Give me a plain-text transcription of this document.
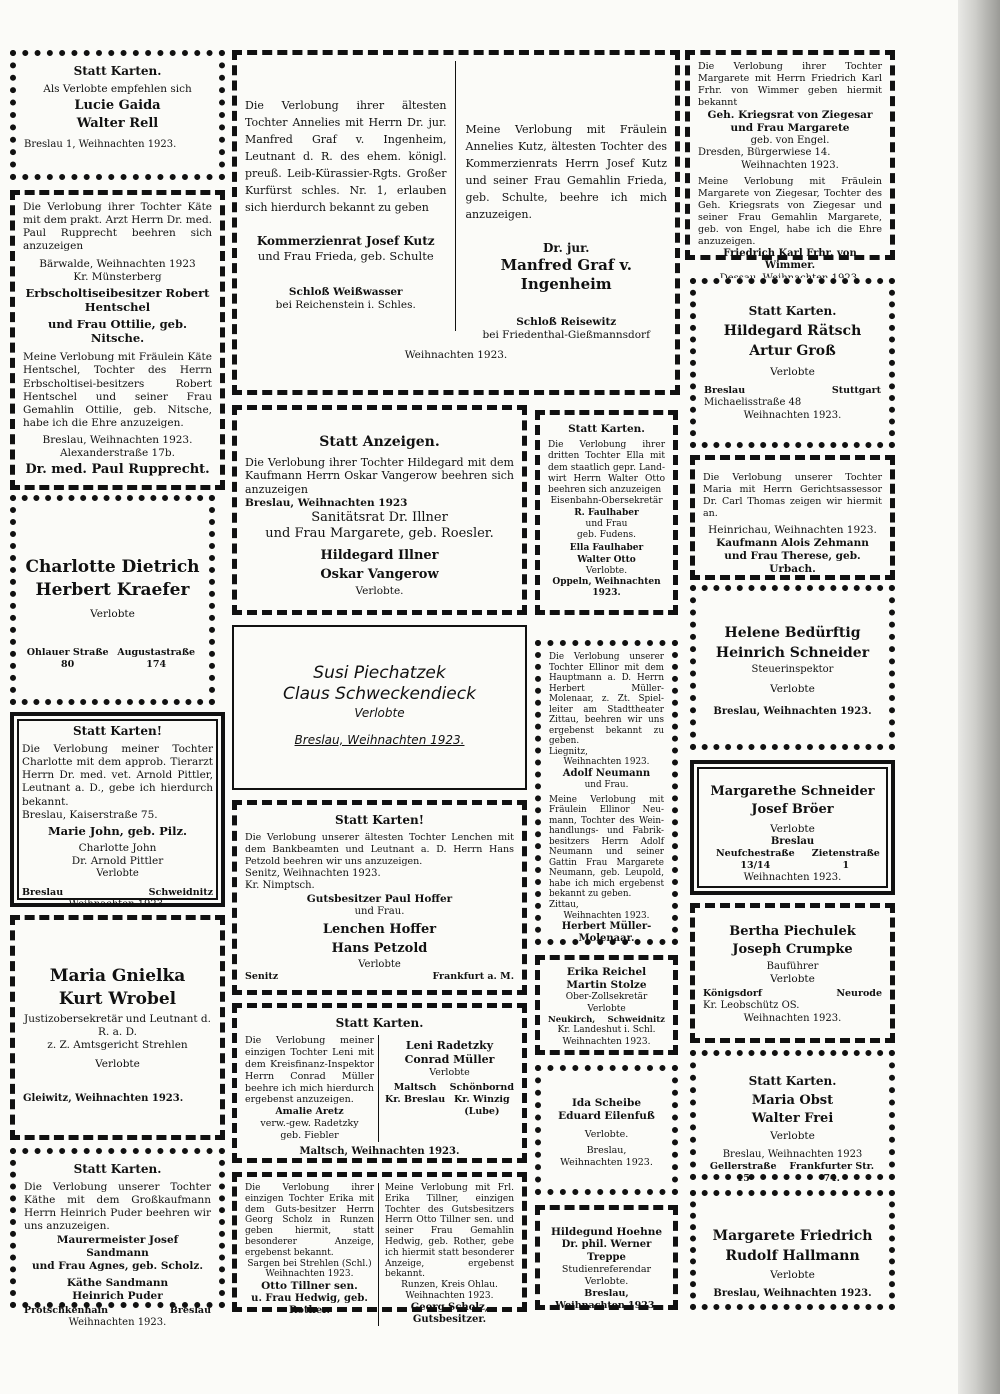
Statt Karten.
Als Verlobte empfehlen sich
Lucie Gaida
Walter Rell
Breslau 1, Weihnachten 1923.
Die Verlobung ihrer Tochter Käte mit dem prakt. Arzt Herrn Dr. med. Paul Rupprecht beehren sich anzuzeigen
Bärwalde, Weihnachten 1923
Kr. Münsterberg
Erbscholtiseibesitzer Robert Hentschel
und Frau Ottilie, geb. Nitsche.
Meine Verlobung mit Fräulein Käte Hentschel, Tochter des Herrn Erbscholtisei-besitzers Robert Hentschel und seiner Frau Gemahlin Ottilie, geb. Nitsche, habe ich die Ehre anzuzeigen.
Breslau, Weihnachten 1923.
Alexanderstraße 17b.
Dr. med. Paul Rupprecht.
Charlotte Dietrich
Herbert Kraefer
Verlobte
Ohlauer Straße 80
Augustastraße 174
Statt Karten!
Die Verlobung meiner Tochter Charlotte mit dem approb. Tierarzt Herrn Dr. med. vet. Arnold Pittler, Leutnant a. D., gebe ich hierdurch bekannt.
Breslau, Kaiserstraße 75.
Marie John, geb. Pilz.
Charlotte John
Dr. Arnold Pittler
Verlobte
Breslau	Schweidnitz
Weihnachten 1923.
Maria Gnielka
Kurt Wrobel
Justizobersekretär und Leutnant d. R. a. D.
z. Z. Amtsgericht Strehlen
Verlobte
Gleiwitz, Weihnachten 1923.
Statt Karten.
Die Verlobung unserer Tochter Käthe mit dem Großkaufmann Herrn Heinrich Puder beehren wir uns anzuzeigen.
Maurermeister Josef Sandmann
und Frau Agnes, geb. Scholz.
Käthe Sandmann
Heinrich Puder
Protschkenhain	Breslau
Weihnachten 1923.
Die Verlobung ihrer ältesten Tochter Annelies mit Herrn Dr. jur. Manfred Graf v. Ingenheim, Leutnant d. R. des ehem. königl. preuß. Leib-Kürassier-Rgts. Großer Kurfürst schles. Nr. 1, erlauben sich hierdurch bekannt zu geben
Kommerzienrat Josef Kutz
und Frau Frieda, geb. Schulte
Schloß Weißwasser
bei Reichenstein i. Schles.
Meine Verlobung mit Fräulein Annelies Kutz, ältesten Tochter des Kommerzienrats Herrn Josef Kutz und seiner Frau Gemahlin Frieda, geb. Schulte, beehre ich mich anzuzeigen.
Dr. jur.
Manfred Graf v. Ingenheim
Schloß Reisewitz
bei Friedenthal-Gießmannsdorf
Weihnachten 1923.
Die Verlobung ihrer Tochter Margarete mit Herrn Friedrich Karl Frhr. von Wimmer geben hiermit bekannt
Geh. Kriegsrat von Ziegesar
und Frau Margarete
geb. von Engel.
Dresden, Bürgerwiese 14.
Weihnachten 1923.
Meine Verlobung mit Fräulein Margarete von Ziegesar, Tochter des Geh. Kriegsrats von Ziegesar und seiner Frau Gemahlin Margarete, geb. von Engel, habe ich die Ehre anzuzeigen.
Friedrich Karl Frhr. von Wimmer.
Statt Karten.
Hildegard Rätsch
Artur Groß
Verlobte
Breslau	Stuttgart
Michaelisstraße 48
Weihnachten 1923.
Die Verlobung unserer Tochter Maria mit Herrn Gerichtsassessor Dr. Carl Thomas zeigen wir hiermit an.
Heinrichau, Weihnachten 1923.
Kaufmann Alois Zehmann
und Frau Therese, geb. Urbach.
Helene Bedürftig
Heinrich Schneider
Steuerinspektor
Verlobte
Breslau, Weihnachten 1923.
Margarethe Schneider
Josef Bröer
Verlobte
Breslau
Neufchestraße 13/14
Zietenstraße 1
Weihnachten 1923.
Bertha Piechulek
Joseph Crumpke
Bauführer
Verlobte
Königsdorf	Neurode
Kr. Leobschütz OS.
Weihnachten 1923.
Statt Karten.
Maria Obst
Walter Frei
Verlobte
Breslau, Weihnachten 1923
Gellerstraße 15
Frankfurter Str. 74.
Margarete Friedrich
Rudolf Hallmann
Verlobte
Breslau, Weihnachten 1923.
Statt Anzeigen.
Die Verlobung ihrer Tochter Hildegard mit dem Kaufmann Herrn Oskar Vangerow beehren sich anzuzeigen
Breslau, Weihnachten 1923
Sanitätsrat Dr. Illner
und Frau Margarete, geb. Roesler.
Hildegard Illner
Oskar Vangerow
Verlobte.
Susi Piechatzek
Claus Schweckendieck
Verlobte
Breslau, Weihnachten 1923.
Statt Karten!
Die Verlobung unserer ältesten Tochter Lenchen mit dem Bankbeamten und Leutnant a. D. Herrn Hans Petzold beehren wir uns anzuzeigen.
Senitz, Weihnachten 1923.
Kr. Nimptsch.
Gutsbesitzer Paul Hoffer
und Frau.
Lenchen Hoffer
Hans Petzold
Verlobte
Senitz	Frankfurt a. M.
Statt Karten.
Die Verlobung meiner einzigen Tochter Leni mit dem Kreisfinanz-Inspektor Herrn Conrad Müller beehre ich mich hierdurch ergebenst anzuzeigen.
Amalie Aretz
verw.-gew. Radetzky
geb. Fiebler
Leni Radetzky
Conrad Müller
Verlobte
Maltsch
Kr. Breslau
Schönbornd
Kr. Winzig
(Lube)
Maltsch, Weihnachten 1923.
Die Verlobung ihrer einzigen Tochter Erika mit dem Guts-besitzer Herrn Georg Scholz in Runzen geben hiermit, statt besonderer Anzeige, ergebenst bekannt.
Sargen bei Strehlen (Schl.)
Weihnachten 1923.
Otto Tillner sen.
u. Frau Hedwig, geb. Rother.
Meine Verlobung mit Frl. Erika Tillner, einzigen Tochter des Gutsbesitzers Herrn Otto Tillner sen. und seiner Frau Gemahlin Hedwig, geb. Rother, gebe ich hiermit statt besonderer Anzeige, ergebenst bekannt.
Runzen, Kreis Ohlau.
Weihnachten 1923.
Georg Scholz, Gutsbesitzer.
Statt Karten.
Die Verlobung ihrer dritten Tochter Ella mit dem staatlich gepr. Land-wirt Herrn Walter Otto beehren sich anzuzeigen
Eisenbahn-Obersekretär
R. Faulhaber
und Frau
geb. Fudens.
Ella Faulhaber
Walter Otto
Verlobte.
Oppeln, Weihnachten 1923.
Die Verlobung unserer Tochter Ellinor mit dem Hauptmann a. D. Herrn Herbert Müller-Molenaar, z. Zt. Spiel-leiter am Stadttheater Zittau, beehren wir uns ergebenst bekannt zu geben.
Liegnitz,
Weihnachten 1923.
Adolf Neumann
und Frau.
Meine Verlobung mit Fräulein Ellinor Neu-mann, Tochter des Wein-handlungs- und Fabrik-besitzers Herrn Adolf Neumann und seiner Gattin Frau Margarete Neumann, geb. Leupold, habe ich mich ergebenst bekannt zu geben.
Zittau,
Weihnachten 1923.
Herbert Müller-Molenaar.
Erika Reichel
Martin Stolze
Ober-Zollsekretär
Verlobte
Neukirch, Schweidnitz
Kr. Landeshut i. Schl.
Weihnachten 1923.
Ida Scheibe
Eduard Eilenfuß
Verlobte.
Breslau,
Weihnachten 1923.
Hildegund Hoehne
Dr. phil. Werner Treppe
Studienreferendar
Verlobte.
Breslau, Weihnachten 1923.
